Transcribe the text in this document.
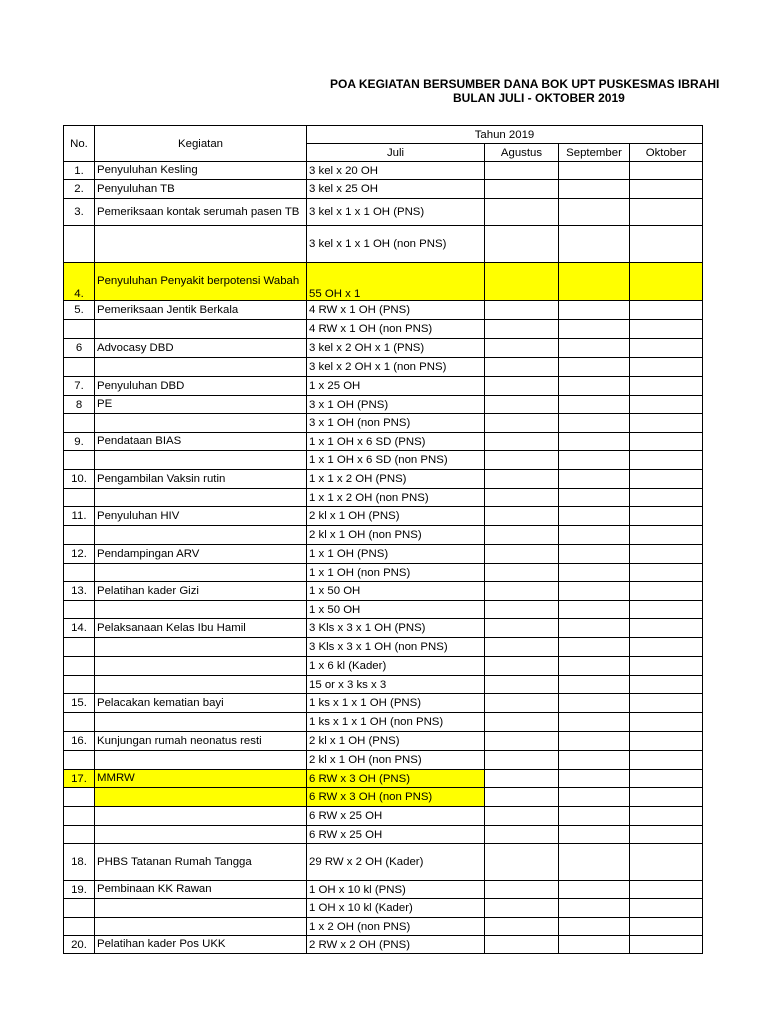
POA KEGIATAN BERSUMBER DANA BOK UPT PUSKESMAS IBRAHI
BULAN JULI - OKTOBER 2019
No.	Kegiatan	Tahun 2019			
		Juli	Agustus	September	Oktober
1.	Penyuluhan Kesling	3 kel x 20 OH			
2.	Penyuluhan TB	3 kel x 25 OH			
3.	Pemeriksaan kontak serumah pasen TB	3 kel x 1 x 1 OH (PNS)			
		3 kel x 1 x 1 OH (non PNS)			
4.	Penyuluhan Penyakit berpotensi Wabah	55 OH x 1			
5.	Pemeriksaan Jentik Berkala	4 RW x 1 OH (PNS)			
		4 RW x 1 OH (non PNS)			
6	Advocasy DBD	3 kel x 2 OH x 1 (PNS)			
		3 kel x 2 OH x 1 (non PNS)			
7.	Penyuluhan DBD	1 x 25 OH			
8	PE	3 x 1 OH (PNS)			
		3 x 1 OH (non PNS)			
9.	Pendataan BIAS	1 x 1 OH x 6 SD (PNS)			
		1 x 1 OH x 6 SD (non PNS)			
10.	Pengambilan Vaksin rutin	1 x 1 x 2 OH (PNS)			
		1 x 1 x 2 OH (non PNS)			
11.	Penyuluhan HIV	2 kl x 1 OH (PNS)			
		2 kl x 1 OH (non PNS)			
12.	Pendampingan ARV	1 x 1 OH (PNS)			
		1 x 1 OH (non PNS)			
13.	Pelatihan kader Gizi	1 x 50 OH			
		1 x 50 OH			
14.	Pelaksanaan Kelas Ibu Hamil	3 Kls x 3 x 1 OH (PNS)			
		3 Kls x 3 x 1 OH (non PNS)			
		1 x 6 kl (Kader)			
		15 or x 3 ks x 3			
15.	Pelacakan kematian bayi	1 ks x 1 x 1 OH (PNS)			
		1 ks x 1 x 1 OH (non PNS)			
16.	Kunjungan rumah neonatus resti	2 kl x 1 OH (PNS)			
		2 kl x 1 OH (non PNS)			
17.	MMRW	6 RW x 3 OH (PNS)			
		6 RW x 3 OH (non PNS)			
		6 RW x 25 OH			
		6 RW x 25 OH			
18.	PHBS Tatanan Rumah Tangga	29 RW x 2 OH (Kader)			
19.	Pembinaan KK Rawan	1 OH x 10 kl (PNS)			
		1 OH x 10 kl (Kader)			
		1 x 2 OH (non PNS)			
20.	Pelatihan kader Pos UKK	2 RW x 2 OH (PNS)			
